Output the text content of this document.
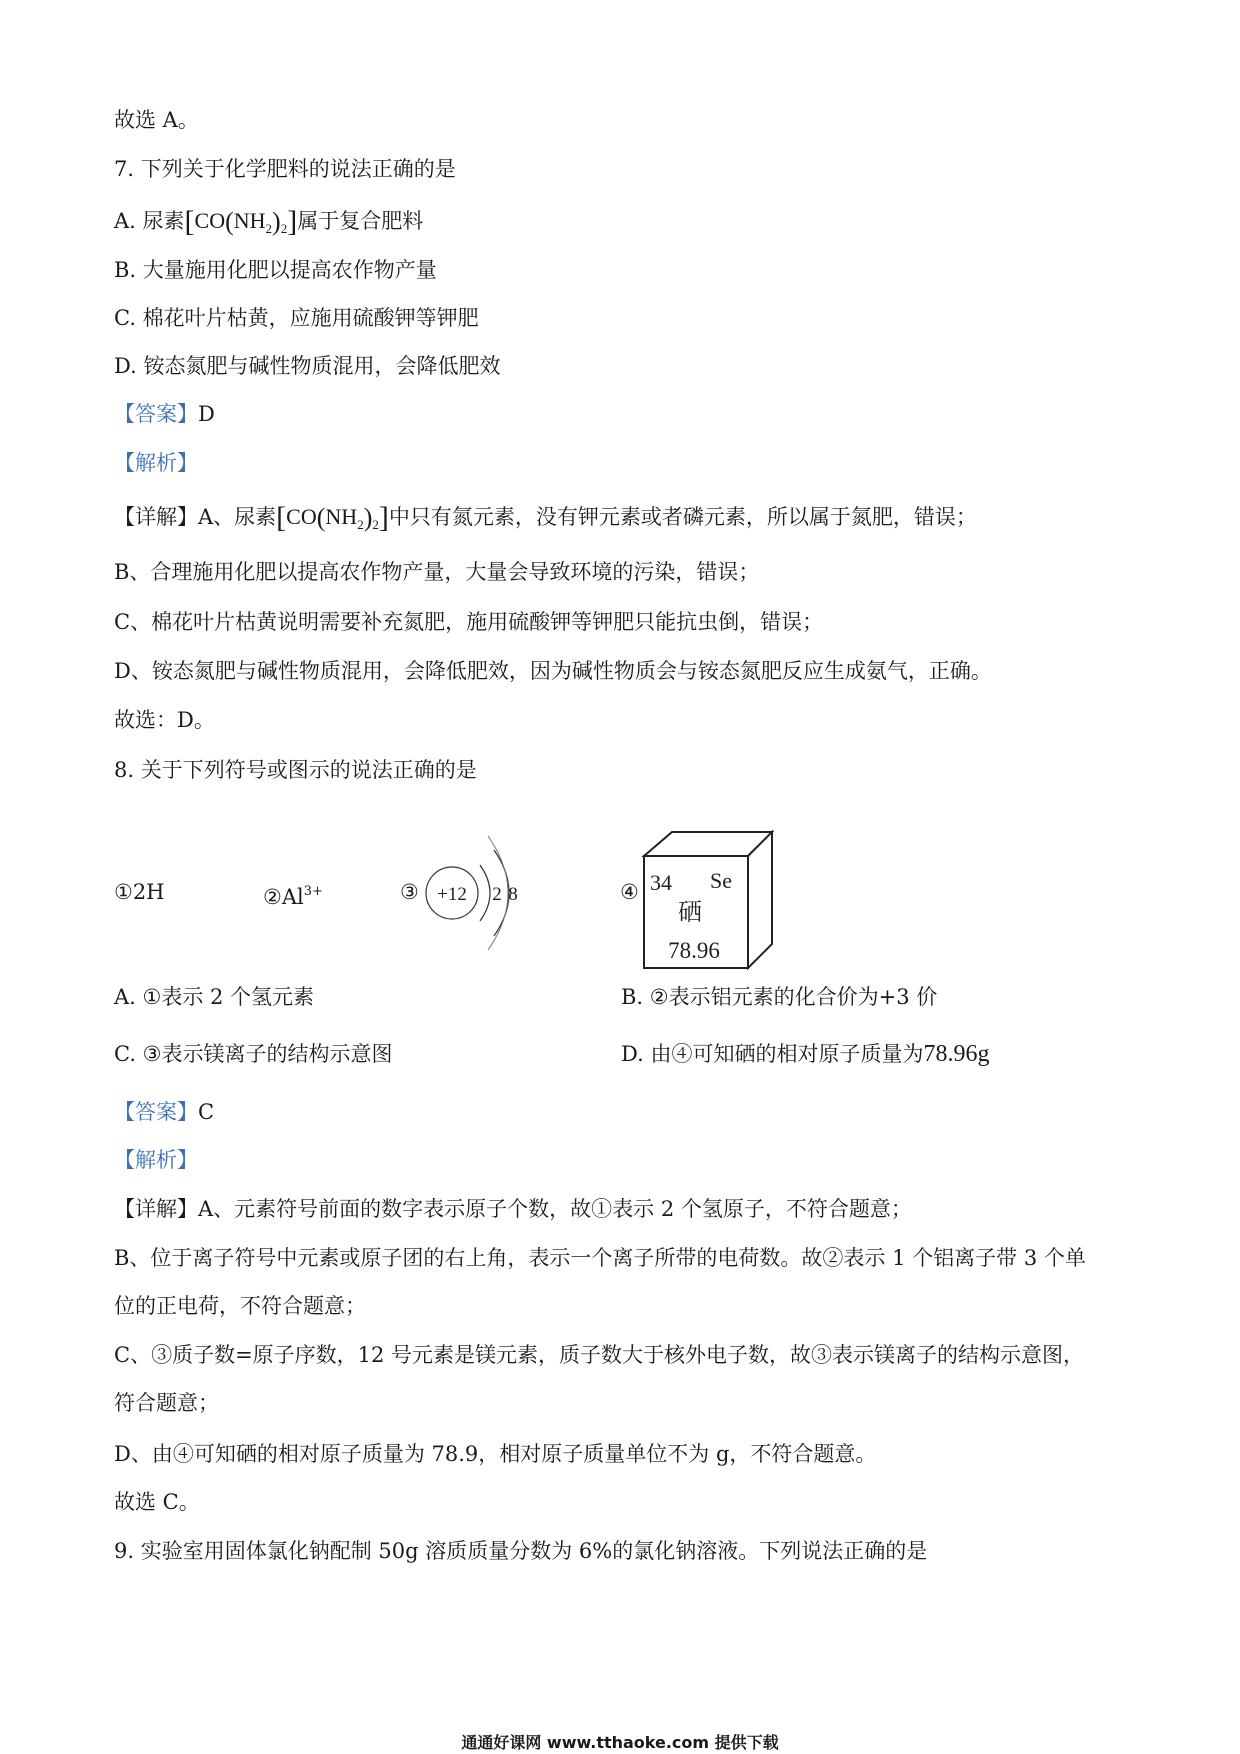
故选 A。
7. 下列关于化学肥料的说法正确的是
A. 尿素$[CO(NH_2)_2]$属于复合肥料
B. 大量施用化肥以提高农作物产量
C. 棉花叶片枯黄，应施用硫酸钾等钾肥
D. 铵态氮肥与碱性物质混用，会降低肥效
【答案】D
【解析】
【详解】A、尿素$[CO(NH_2)_2]$中只有氮元素，没有钾元素或者磷元素，所以属于氮肥，错误；
B、合理施用化肥以提高农作物产量，大量会导致环境的污染，错误；
C、棉花叶片枯黄说明需要补充氮肥，施用硫酸钾等钾肥只能抗虫倒，错误；
D、铵态氮肥与碱性物质混用，会降低肥效，因为碱性物质会与铵态氮肥反应生成氨气，正确。
故选：D。
8. 关于下列符号或图示的说法正确的是
①2H	$②Al^{3+}$	③ +12 2 8	④ 34 Se
硒
78.96
A. ①表示 2 个氢元素	B. ②表示铝元素的化合价为+3 价
C. ③表示镁离子的结构示意图	D. 由④可知硒的相对原子质量为78.96g
【答案】C
【解析】
【详解】A、元素符号前面的数字表示原子个数，故①表示 2 个氢原子，不符合题意；
B、位于离子符号中元素或原子团的右上角，表示一个离子所带的电荷数。故②表示 1 个铝离子带 3 个单
位的正电荷，不符合题意；
C、③质子数=原子序数，12 号元素是镁元素，质子数大于核外电子数，故③表示镁离子的结构示意图，
符合题意；
D、由④可知硒的相对原子质量为 78.9，相对原子质量单位不为 g，不符合题意。
故选 C。
9. 实验室用固体氯化钠配制 50g 溶质质量分数为 6%的氯化钠溶液。下列说法正确的是
通通好课网 www.tthaoke.com 提供下载
